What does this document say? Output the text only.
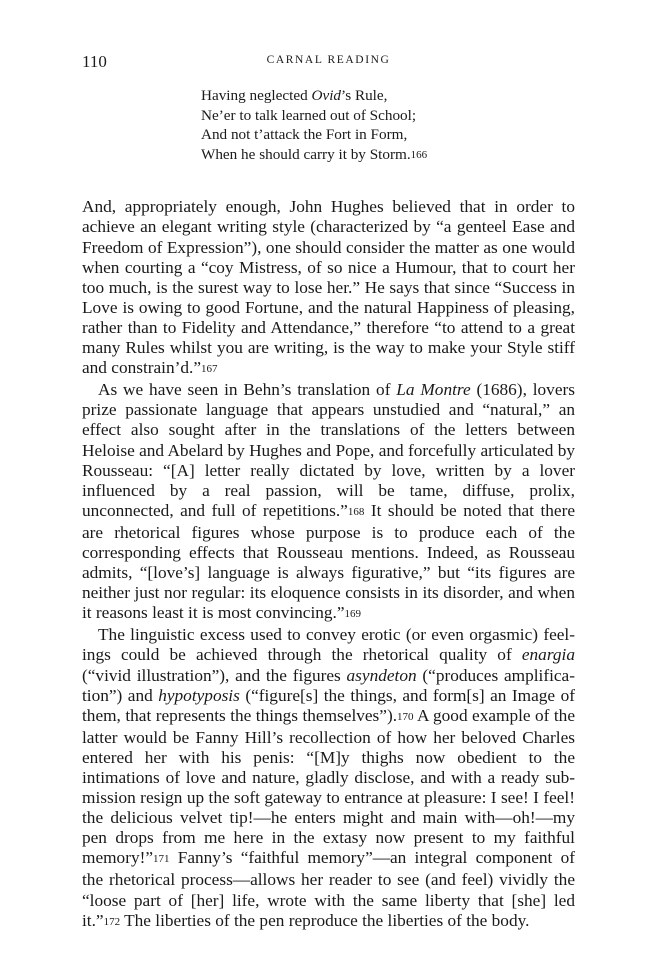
110	CARNAL READING
Having neglected Ovid’s Rule,
Ne’er to talk learned out of School;
And not t’attack the Fort in Form,
When he should carry it by Storm.166

And, appropriately enough, John Hughes believed that in order to achieve an elegant writing style (characterized by “a genteel Ease and Freedom of Expression”), one should consider the matter as one would when courting a “coy Mistress, of so nice a Humour, that to court her too much, is the surest way to lose her.” He says that since “Success in Love is owing to good Fortune, and the natural Happiness of pleasing, rather than to Fidelity and Attendance,” therefore “to attend to a great many Rules whilst you are writing, is the way to make your Style stiff and constrain’d.”167

As we have seen in Behn’s translation of La Montre (1686), lovers prize passionate language that appears unstudied and “natural,” an effect also sought after in the translations of the letters between Heloise and Abelard by Hughes and Pope, and forcefully articulated by Rousseau: “[A] letter really dictated by love, written by a lover influenced by a real passion, will be tame, diffuse, prolix, unconnected, and full of repetitions.”168 It should be noted that there are rhetorical figures whose purpose is to produce each of the corresponding effects that Rousseau mentions. Indeed, as Rousseau admits, “[love’s] language is always figurative,” but “its figures are neither just nor regular: its eloquence consists in its disorder, and when it reasons least it is most convincing.”169

The linguistic excess used to convey erotic (or even orgasmic) feelings could be achieved through the rhetorical quality of enargia (“vivid illustration”), and the figures asyndeton (“produces amplification”) and hypotyposis (“figure[s] the things, and form[s] an Image of them, that represents the things themselves”).170 A good example of the latter would be Fanny Hill’s recollection of how her beloved Charles entered her with his penis: “[M]y thighs now obedient to the intimations of love and nature, gladly disclose, and with a ready submission resign up the soft gateway to entrance at pleasure: I see! I feel! the delicious velvet tip!—he enters might and main with—oh!—my pen drops from me here in the extasy now present to my faithful memory!”171 Fanny’s “faithful memory”—an integral component of the rhetorical process—allows her reader to see (and feel) vividly the “loose part of [her] life, wrote with the same liberty that [she] led it.”172 The liberties of the pen reproduce the liberties of the body.
